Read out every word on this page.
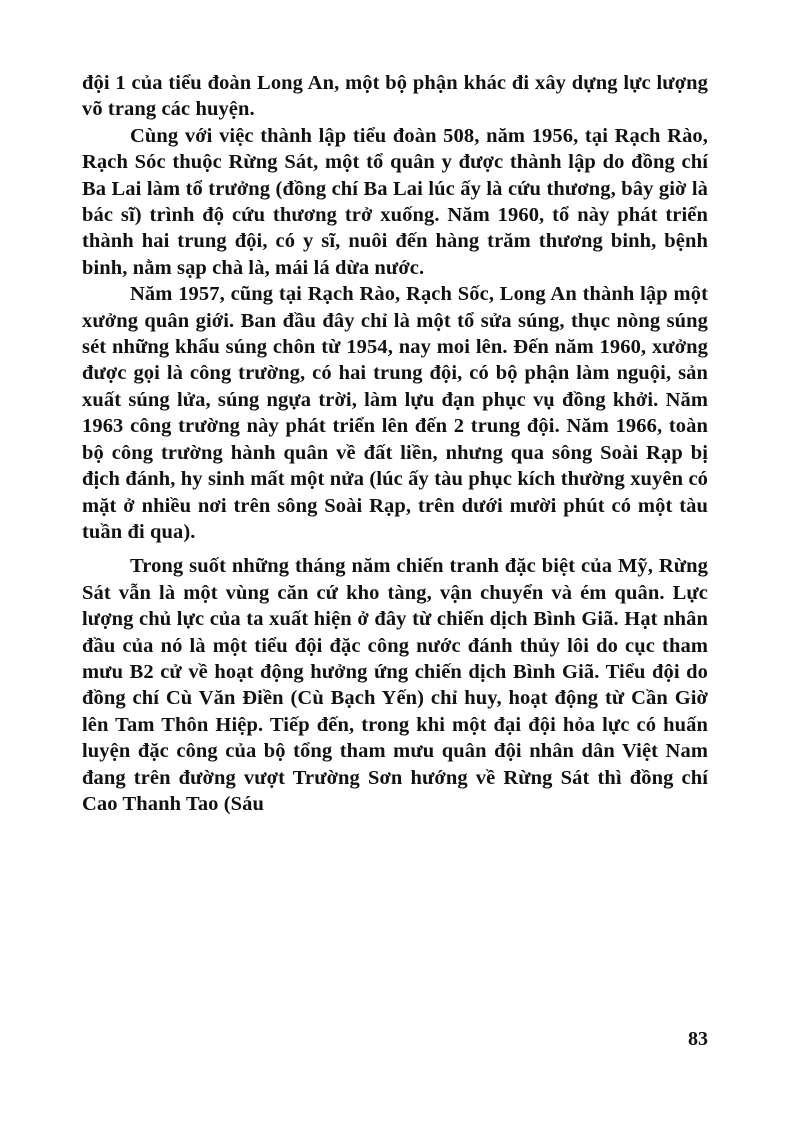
đội 1 của tiểu đoàn Long An, một bộ phận khác đi xây dựng lực lượng võ trang các huyện.

Cùng với việc thành lập tiểu đoàn 508, năm 1956, tại Rạch Rào, Rạch Sóc thuộc Rừng Sát, một tổ quân y được thành lập do đồng chí Ba Lai làm tổ trưởng (đồng chí Ba Lai lúc ấy là cứu thương, bây giờ là bác sĩ) trình độ cứu thương trở xuống. Năm 1960, tổ này phát triển thành hai trung đội, có y sĩ, nuôi đến hàng trăm thương binh, bệnh binh, nằm sạp chà là, mái lá dừa nước.

Năm 1957, cũng tại Rạch Rào, Rạch Sốc, Long An thành lập một xưởng quân giới. Ban đầu đây chỉ là một tổ sửa súng, thục nòng súng sét những khẩu súng chôn từ 1954, nay moi lên. Đến năm 1960, xưởng được gọi là công trường, có hai trung đội, có bộ phận làm nguội, sản xuất súng lửa, súng ngựa trời, làm lựu đạn phục vụ đồng khởi. Năm 1963 công trường này phát triển lên đến 2 trung đội. Năm 1966, toàn bộ công trường hành quân về đất liền, nhưng qua sông Soài Rạp bị địch đánh, hy sinh mất một nửa (lúc ấy tàu phục kích thường xuyên có mặt ở nhiều nơi trên sông Soài Rạp, trên dưới mười phút có một tàu tuần đi qua).

Trong suốt những tháng năm chiến tranh đặc biệt của Mỹ, Rừng Sát vẫn là một vùng căn cứ kho tàng, vận chuyển và ém quân. Lực lượng chủ lực của ta xuất hiện ở đây từ chiến dịch Bình Giã. Hạt nhân đầu của nó là một tiểu đội đặc công nước đánh thủy lôi do cục tham mưu B2 cử về hoạt động hưởng ứng chiến dịch Bình Giã. Tiểu đội do đồng chí Cù Văn Điền (Cù Bạch Yến) chỉ huy, hoạt động từ Cần Giờ lên Tam Thôn Hiệp. Tiếp đến, trong khi một đại đội hỏa lực có huấn luyện đặc công của bộ tổng tham mưu quân đội nhân dân Việt Nam đang trên đường vượt Trường Sơn hướng về Rừng Sát thì đồng chí Cao Thanh Tao (Sáu

83
